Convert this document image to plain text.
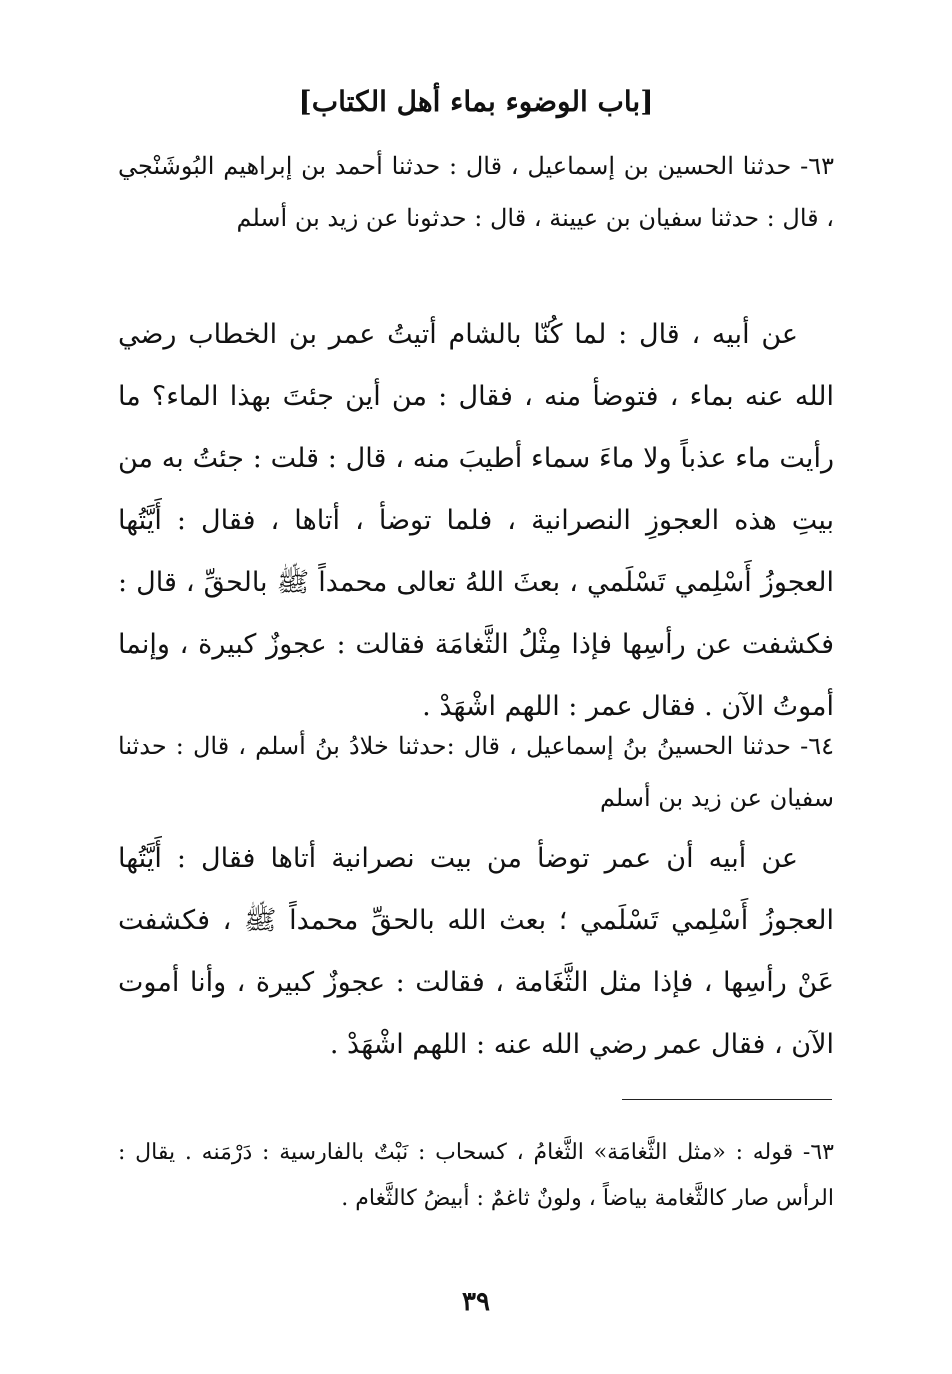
[باب الوضوء بماء أهل الكتاب]

٦٣- حدثنا الحسين بن إسماعيل ، قال : حدثنا أحمد بن إبراهيم البُوشَنْجي ، قال : حدثنا سفيان بن عيينة ، قال : حدثونا عن زيد بن أسلم

عن أبيه ، قال : لما كُنّا بالشام أتيتُ عمر بن الخطاب رضي الله عنه بماء ، فتوضأ منه ، فقال : من أين جئتَ بهذا الماء؟ ما رأيت ماء عذباً ولا ماءَ سماء أطيبَ منه ، قال : قلت : جئتُ به من بيتِ هذه العجوزِ النصرانية ، فلما توضأ ، أتاها ، فقال : أَيَّتُها العجوزُ أَسْلِمي تَسْلَمي ، بعثَ اللهُ تعالى محمداً ﷺ بالحقِّ ، قال : فكشفت عن رأسِها فإذا مِثْلُ الثَّغامَة فقالت : عجوزٌ كبيرة ، وإنما أموتُ الآن . فقال عمر : اللهم اشْهَدْ .

٦٤- حدثنا الحسينُ بنُ إسماعيل ، قال :حدثنا خلادُ بنُ أسلم ، قال : حدثنا سفيان عن زيد بن أسلم

عن أبيه أن عمر توضأ من بيت نصرانية أتاها فقال : أَيَّتُها العجوزُ أَسْلِمي تَسْلَمي ؛ بعث الله بالحقِّ محمداً ﷺ ، فكشفت عَنْ رأسِها ، فإذا مثل الثَّغَامة ، فقالت : عجوزٌ كبيرة ، وأنا أموت الآن ، فقال عمر رضي الله عنه : اللهم اشْهَدْ .

٦٣- قوله : «مثل الثَّغامَة» الثَّغامُ ، كسحاب : نَبْتٌ بالفارسية : دَرْمَنه . يقال : الرأس صار كالثَّغامة بياضاً ، ولونٌ ثاغمٌ : أبيضُ كالثَّغام .

٣٩
